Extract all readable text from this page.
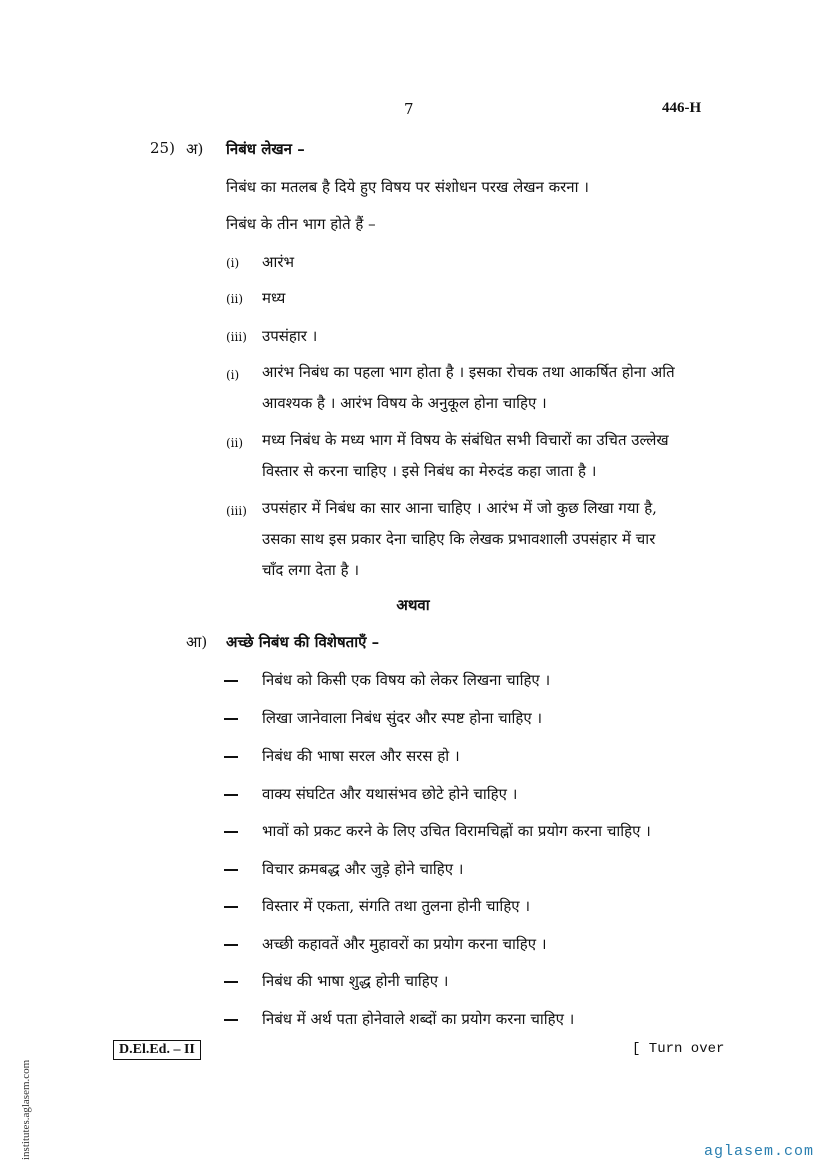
7	446-H
25) अ) निबंध लेखन –
निबंध का मतलब है दिये हुए विषय पर संशोधन परख लेखन करना ।
निबंध के तीन भाग होते हैं –
(i)	आरंभ
(ii)	मध्य
(iii)	उपसंहार ।
(i)	आरंभ निबंध का पहला भाग होता है । इसका रोचक तथा आकर्षित होना अति
आवश्यक है । आरंभ विषय के अनुकूल होना चाहिए ।
(ii)	मध्य निबंध के मध्य भाग में विषय के संबंधित सभी विचारों का उचित उल्लेख
विस्तार से करना चाहिए । इसे निबंध का मेरुदंड कहा जाता है ।
(iii)	उपसंहार में निबंध का सार आना चाहिए । आरंभ में जो कुछ लिखा गया है,
उसका साथ इस प्रकार देना चाहिए कि लेखक प्रभावशाली उपसंहार में चार
चाँद लगा देता है ।
अथवा
आ) अच्छे निबंध की विशेषताएँ –
निबंध को किसी एक विषय को लेकर लिखना चाहिए ।
लिखा जानेवाला निबंध सुंदर और स्पष्ट होना चाहिए ।
निबंध की भाषा सरल और सरस हो ।
वाक्य संघटित और यथासंभव छोटे होने चाहिए ।
भावों को प्रकट करने के लिए उचित विरामचिह्नों का प्रयोग करना चाहिए ।
विचार क्रमबद्ध और जुड़े होने चाहिए ।
विस्तार में एकता, संगति तथा तुलना होनी चाहिए ।
अच्छी कहावतें और मुहावरों का प्रयोग करना चाहिए ।
निबंध की भाषा शुद्ध होनी चाहिए ।
निबंध में अर्थ पता होनेवाले शब्दों का प्रयोग करना चाहिए ।
D.El.Ed. – II	[ Turn over
institutes.aglasem.com	aglasem.com
